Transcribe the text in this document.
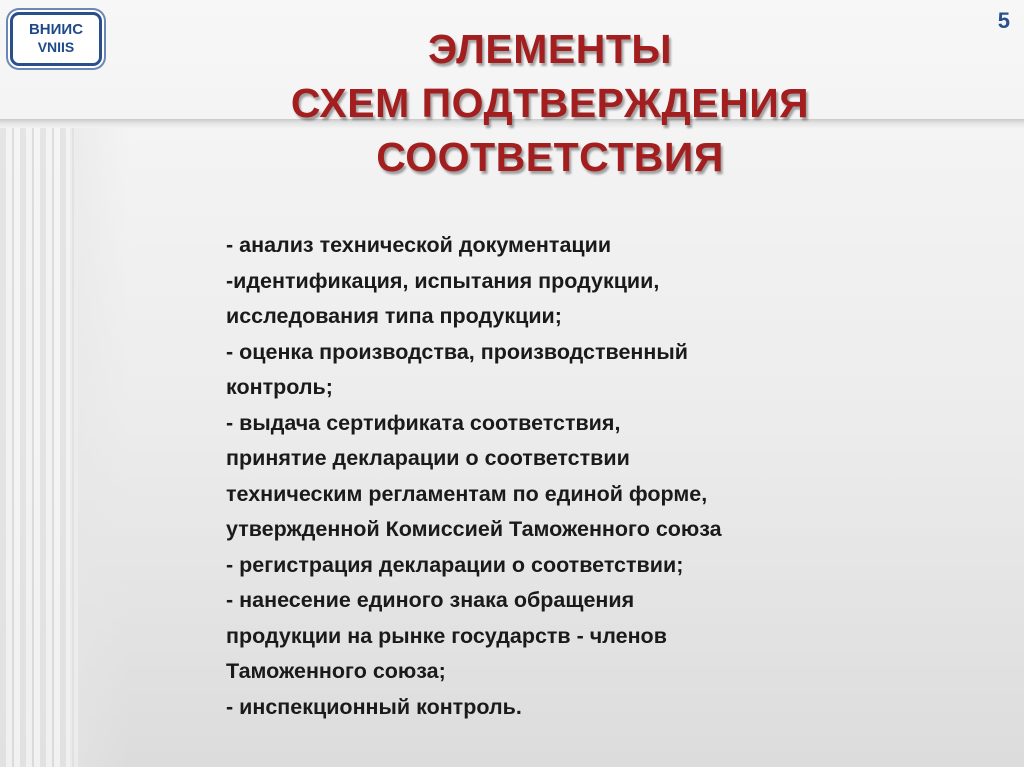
ВНИИС
VNIIS
5
ЭЛЕМЕНТЫ
СХЕМ ПОДТВЕРЖДЕНИЯ
СООТВЕТСТВИЯ
- анализ технической документации
-идентификация, испытания продукции,
исследования типа продукции;
- оценка производства, производственный
контроль;
- выдача сертификата соответствия,
принятие декларации о соответствии
техническим регламентам по единой форме,
утвержденной Комиссией Таможенного союза
- регистрация декларации о соответствии;
- нанесение единого знака обращения
продукции на рынке государств - членов
Таможенного союза;
- инспекционный контроль.
